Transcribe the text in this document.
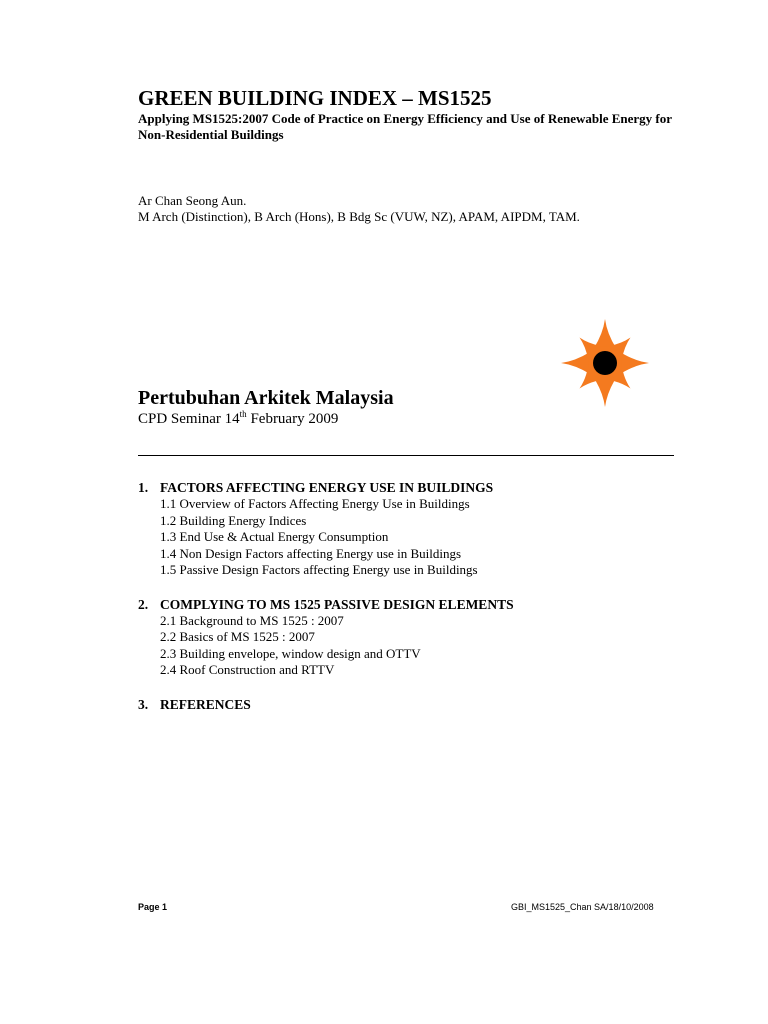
GREEN BUILDING INDEX – MS1525
Applying MS1525:2007 Code of Practice on Energy Efficiency and Use of Renewable Energy for Non-Residential Buildings
Ar Chan Seong Aun.
M Arch (Distinction), B Arch (Hons), B Bdg Sc (VUW, NZ), APAM, AIPDM, TAM.
Pertubuhan Arkitek Malaysia
CPD Seminar 14th February 2009
1. FACTORS AFFECTING ENERGY USE IN BUILDINGS
1.1 Overview of Factors Affecting Energy Use in Buildings
1.2 Building Energy Indices
1.3 End Use & Actual Energy Consumption
1.4 Non Design Factors affecting Energy use in Buildings
1.5 Passive Design Factors affecting Energy use in Buildings
2. COMPLYING TO MS 1525 PASSIVE DESIGN ELEMENTS
2.1 Background to MS 1525 : 2007
2.2 Basics of MS 1525 : 2007
2.3 Building envelope, window design and OTTV
2.4 Roof Construction and RTTV
3. REFERENCES
Page 1	GBI_MS1525_Chan SA/18/10/2008
